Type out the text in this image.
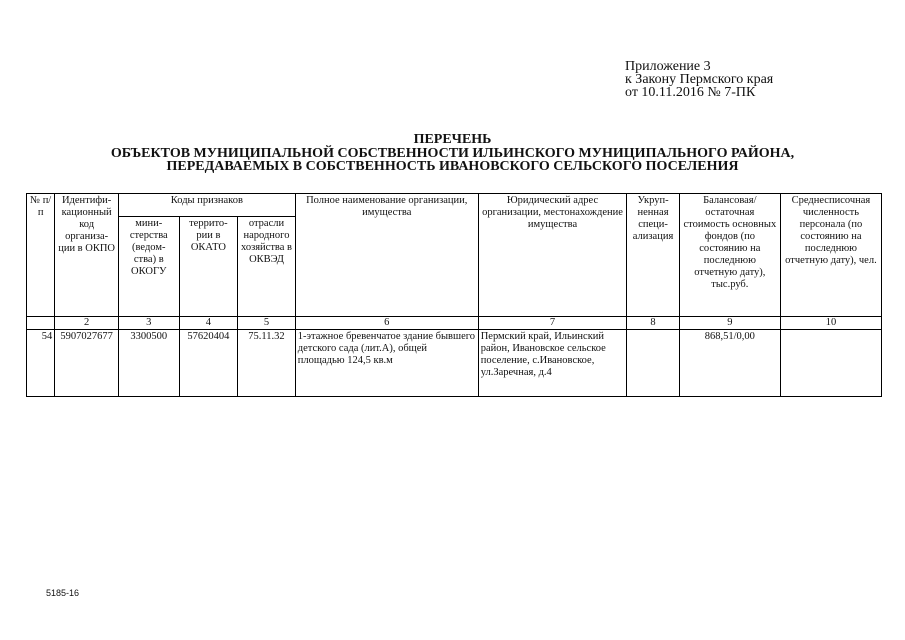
Приложение 3
к Закону Пермского края
от 10.11.2016 № 7-ПК
ПЕРЕЧЕНЬ
ОБЪЕКТОВ МУНИЦИПАЛЬНОЙ СОБСТВЕННОСТИ ИЛЬИНСКОГО МУНИЦИПАЛЬНОГО РАЙОНА,
ПЕРЕДАВАЕМЫХ В СОБСТВЕННОСТЬ ИВАНОВСКОГО СЕЛЬСКОГО ПОСЕЛЕНИЯ
№ п/п	Идентифи-кационный код организа-ции в ОКПО	Коды признаков			Полное наименование организации, имущества	Юридический адрес организации, местонахождение имущества	Укруп-ненная специ-ализация	Балансовая/ остаточная стоимость основных фондов (по состоянию на последнюю отчетную дату), тыс.руб.	Среднесписочная численность персонала (по состоянию на последнюю отчетную дату), чел.
		мини-стерства (ведом-ства) в ОКОГУ	террито-рии в ОКАТО	отрасли народного хозяйства в ОКВЭД					
	2	3	4	5	6	7	8	9	10
54	5907027677	3300500	57620404	75.11.32	1-этажное бревенчатое здание бывшего детского сада (лит.А), общей площадью 124,5 кв.м	Пермский край, Ильинский район, Ивановское сельское поселение, с.Ивановское, ул.Заречная, д.4		868,51/0,00	
5185-16
